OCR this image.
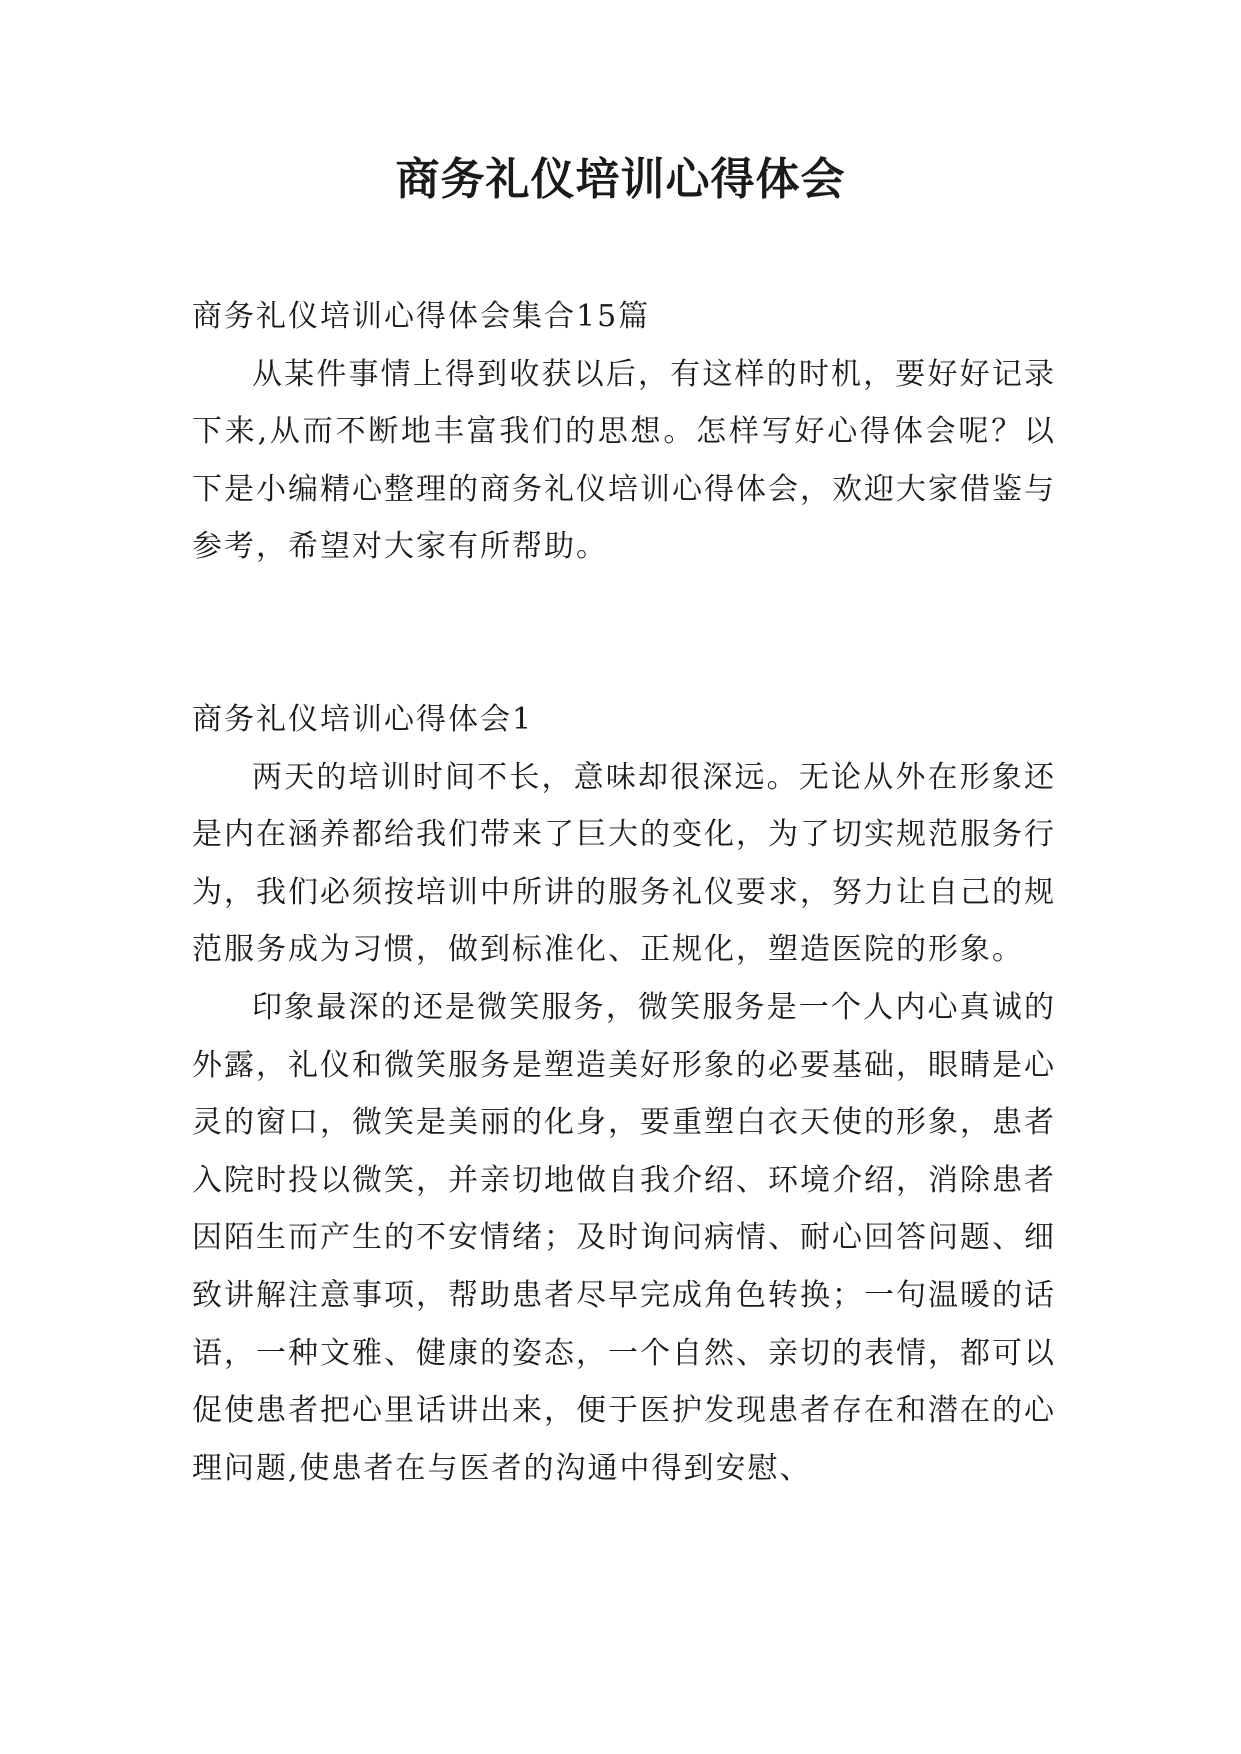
商务礼仪培训心得体会

商务礼仪培训心得体会集合15篇

从某件事情上得到收获以后，有这样的时机，要好好记录下来,从而不断地丰富我们的思想。怎样写好心得体会呢？以下是小编精心整理的商务礼仪培训心得体会，欢迎大家借鉴与参考，希望对大家有所帮助。

商务礼仪培训心得体会1

两天的培训时间不长，意味却很深远。无论从外在形象还是内在涵养都给我们带来了巨大的变化，为了切实规范服务行为，我们必须按培训中所讲的服务礼仪要求，努力让自己的规范服务成为习惯，做到标准化、正规化，塑造医院的形象。

印象最深的还是微笑服务，微笑服务是一个人内心真诚的外露，礼仪和微笑服务是塑造美好形象的必要基础，眼睛是心灵的窗口，微笑是美丽的化身，要重塑白衣天使的形象，患者入院时投以微笑，并亲切地做自我介绍、环境介绍，消除患者因陌生而产生的不安情绪；及时询问病情、耐心回答问题、细致讲解注意事项，帮助患者尽早完成角色转换；一句温暖的话语，一种文雅、健康的姿态，一个自然、亲切的表情，都可以促使患者把心里话讲出来，便于医护发现患者存在和潜在的心理问题,使患者在与医者的沟通中得到安慰、
